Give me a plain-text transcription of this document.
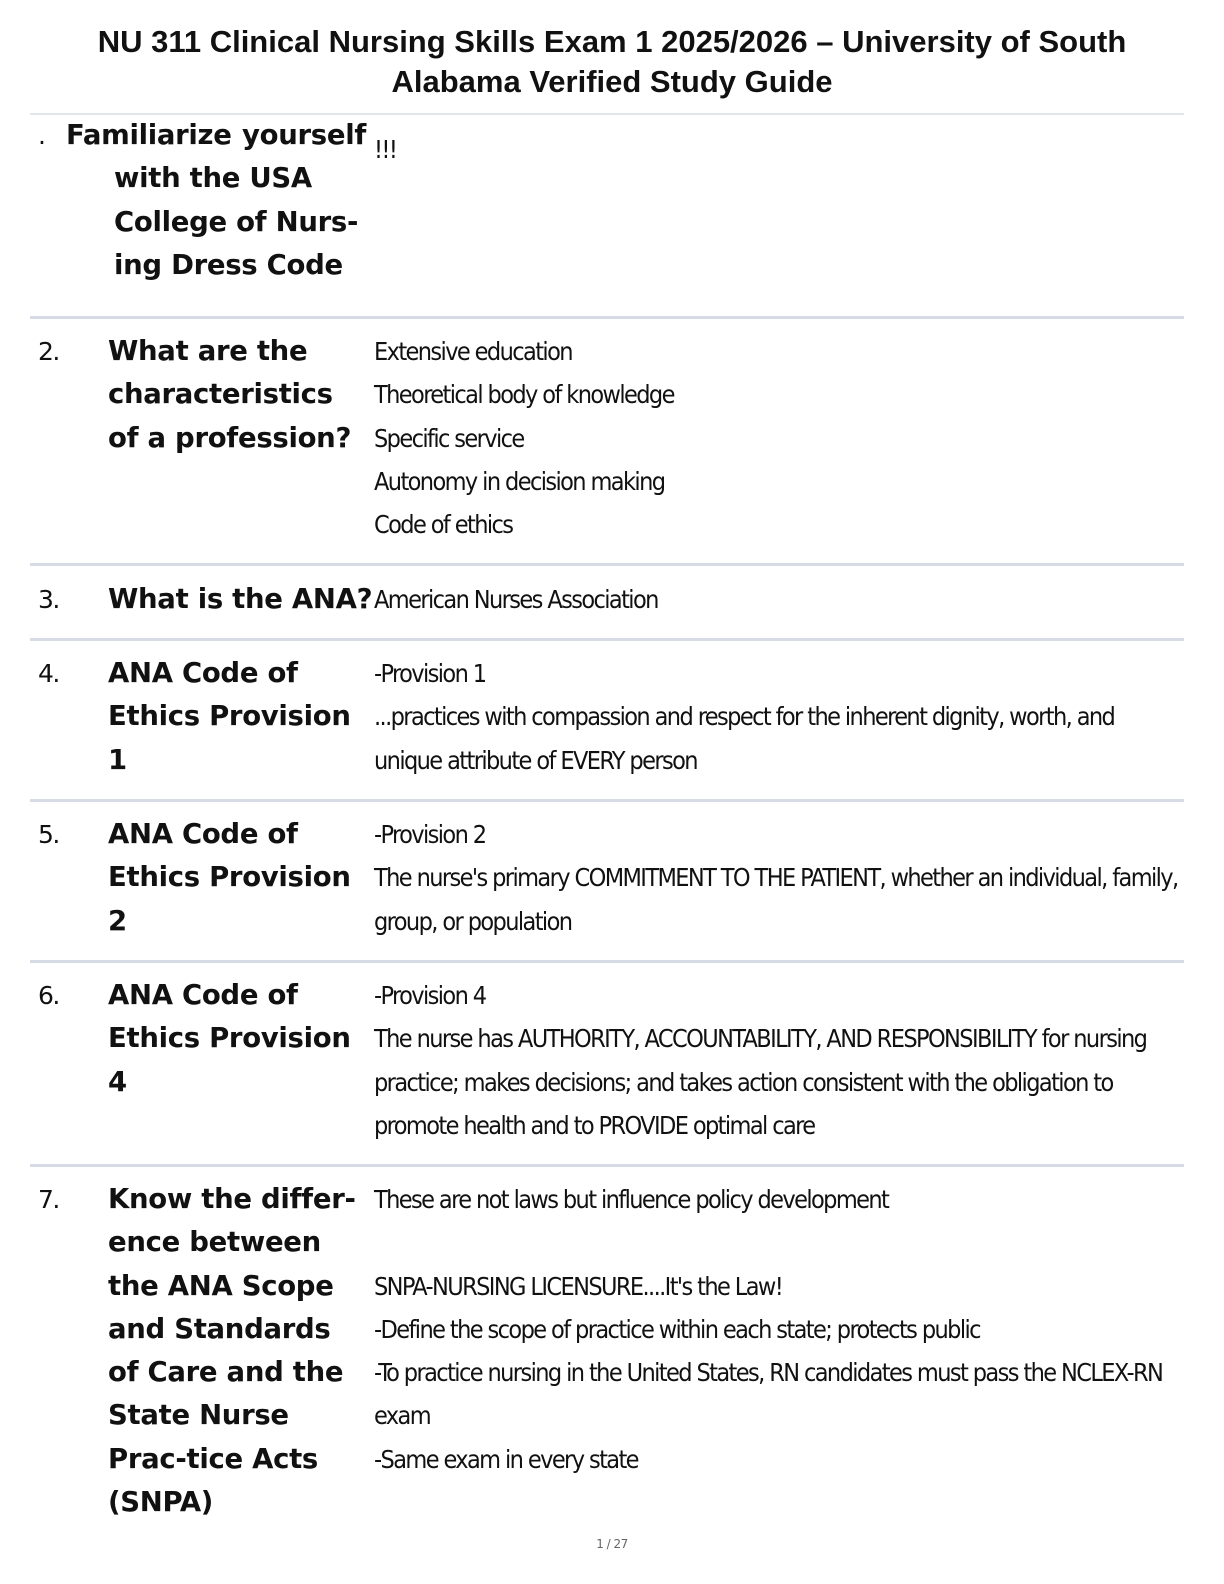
NU 311 Clinical Nursing Skills Exam 1 2025/2026 – University of South Alabama Verified Study Guide
. Familiarize yourself
with the USA College of Nurs-ing Dress Code
!!!
2. What are the characteristics of a profession?
Extensive education
Theoretical body of knowledge
Specific service
Autonomy in decision making
Code of ethics
3. What is the ANA? American Nurses Association
4. ANA Code of Ethics Provision 1
-Provision 1
...practices with compassion and respect for the inherent dignity, worth, and
unique attribute of EVERY person
5. ANA Code of Ethics Provision 2
-Provision 2
The nurse's primary COMMITMENT TO THE PATIENT, whether an individual, family,
group, or population
6. ANA Code of Ethics Provision 4
-Provision 4
The nurse has AUTHORITY, ACCOUNTABILITY, AND RESPONSIBILITY for nursing
practice; makes decisions; and takes action consistent with the obligation to
promote health and to PROVIDE optimal care
7. Know the differ-ence between the ANA Scope and Standards of Care and the State Nurse Prac-tice Acts (SNPA)
These are not laws but influence policy development
SNPA-NURSING LICENSURE....It's the Law!
-Define the scope of practice within each state; protects public
-To practice nursing in the United States, RN candidates must pass the NCLEX-RN
exam
-Same exam in every state
1 / 27
